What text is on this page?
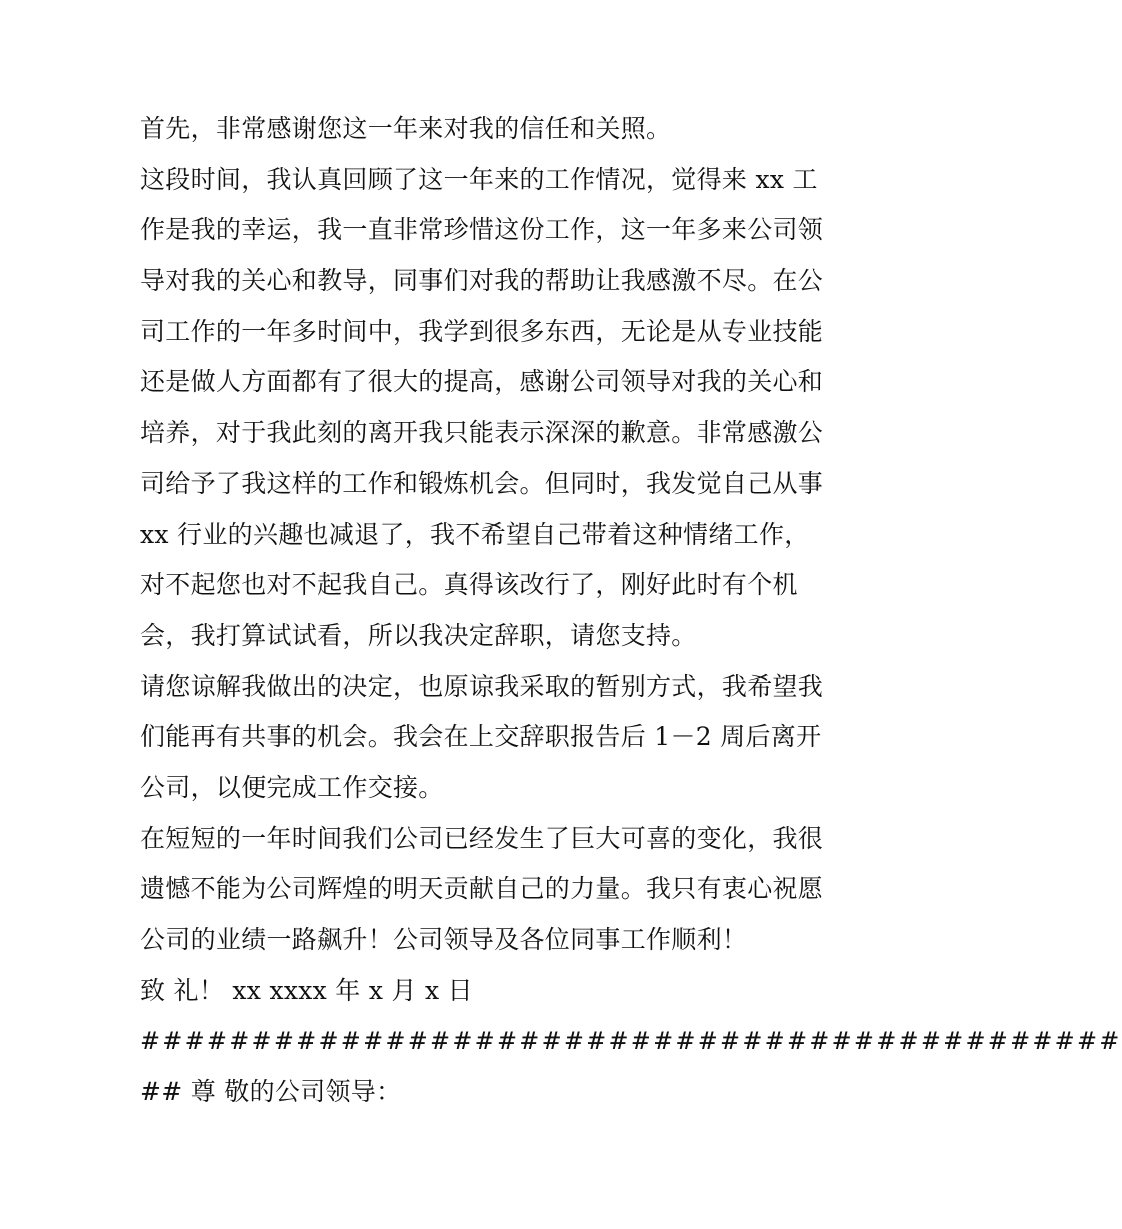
首先，非常感谢您这一年来对我的信任和关照。
这段时间，我认真回顾了这一年来的工作情况，觉得来 xx 工
作是我的幸运，我一直非常珍惜这份工作，这一年多来公司领
导对我的关心和教导，同事们对我的帮助让我感激不尽。在公
司工作的一年多时间中，我学到很多东西，无论是从专业技能
还是做人方面都有了很大的提高，感谢公司领导对我的关心和
培养，对于我此刻的离开我只能表示深深的歉意。非常感激公
司给予了我这样的工作和锻炼机会。但同时，我发觉自己从事
xx 行业的兴趣也减退了，我不希望自己带着这种情绪工作，
对不起您也对不起我自己。真得该改行了，刚好此时有个机
会，我打算试试看，所以我决定辞职，请您支持。
请您谅解我做出的决定，也原谅我采取的暂别方式，我希望我
们能再有共事的机会。我会在上交辞职报告后 1－2 周后离开
公司，以便完成工作交接。
在短短的一年时间我们公司已经发生了巨大可喜的变化，我很
遗憾不能为公司辉煌的明天贡献自己的力量。我只有衷心祝愿
公司的业绩一路飙升！公司领导及各位同事工作顺利！
致 礼！ xx xxxx 年 x 月 x 日
############################################
## 尊 敬的公司领导：
